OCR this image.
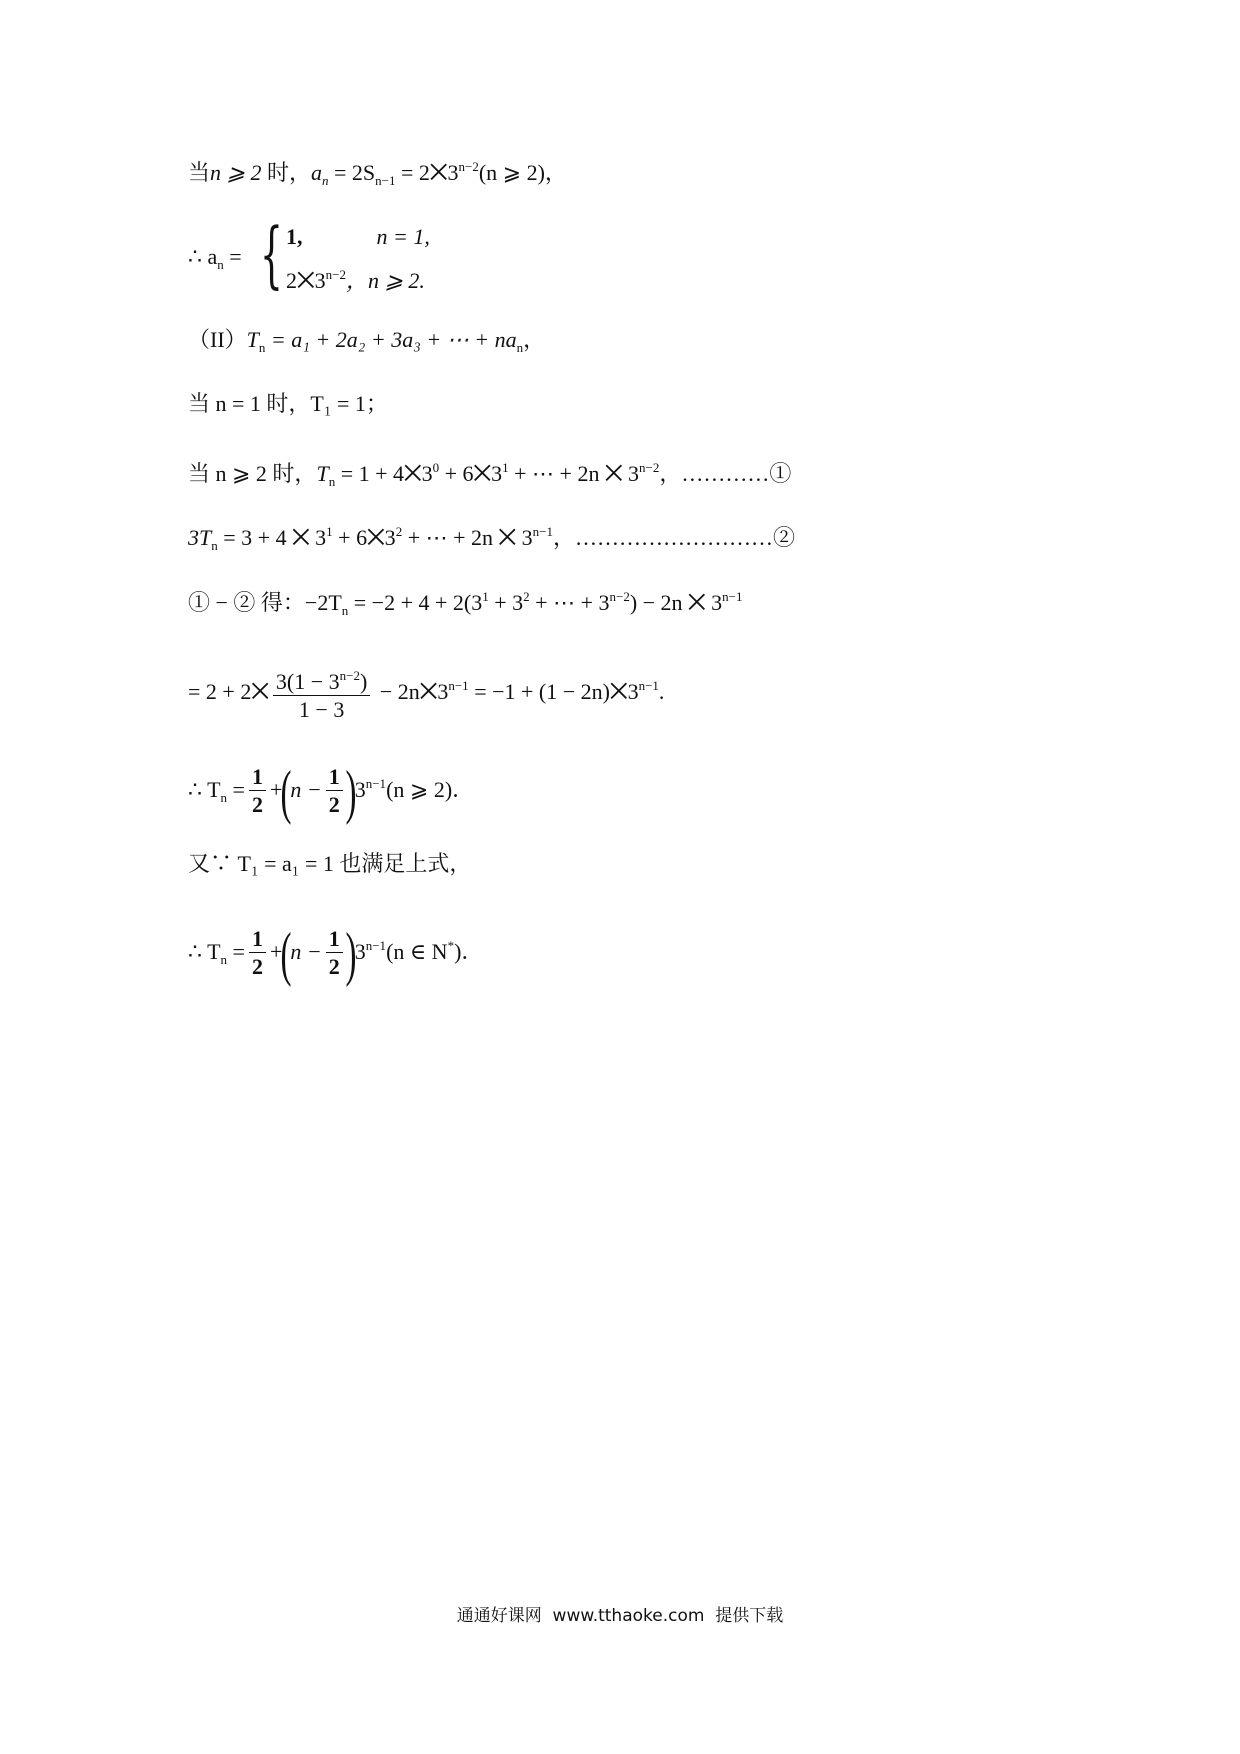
当n ⩾ 2 时，$a_n = 2S_{n-1}$ = $2⨉3^{n-2}(n$ ⩾ 2)，
∴ $a_n$ = { 1,	n = 1,
$2⨉3^{n-2}$，n ⩾ 2.
$(II)T_n = a_1 + 2a_2 + 3a_3$ + ⋯ + $na_n$，
当 n = 1 时，T₁ = 1；
当 n ⩾ 2 时，$T_n = 1$ + $4⨉3^0$ + $6⨉3^1$ + ⋯ + 2n ⨉ $3^{n-2}$，…………①
$3T_n = 3 + 4$ ⨉ $3^1$ + $6⨉3^2$ + ⋯ + 2n ⨉ $3^{n-1}$，………………………②
① − ② 得：$-2T_n = -2 + 4 + 2(3^1 + 3^2$ + ⋯ + $3^{n-2}) - 2n$ ⨉ $3^{n-1}$
= 2 + 2⨉ $\frac{3(1 - 3^{n-2})}{1 - 3}$ − $2n⨉3^{n-1} = -1 + (1$ − $2n)⨉3^{n-1}$.
∴ $T_n = \frac{1}{2} +(n - \frac{1}{2} )3^{n-1}(n$ ⩾ 2)．
又∵ T₁ = a₁ = 1 也满足上式，
∴ $T_n = \frac{1}{2} +(n - \frac{1}{2} )3^{n-1}(n$ ∈ N*)．
通通好课网  www.tthaoke.com  提供下载
